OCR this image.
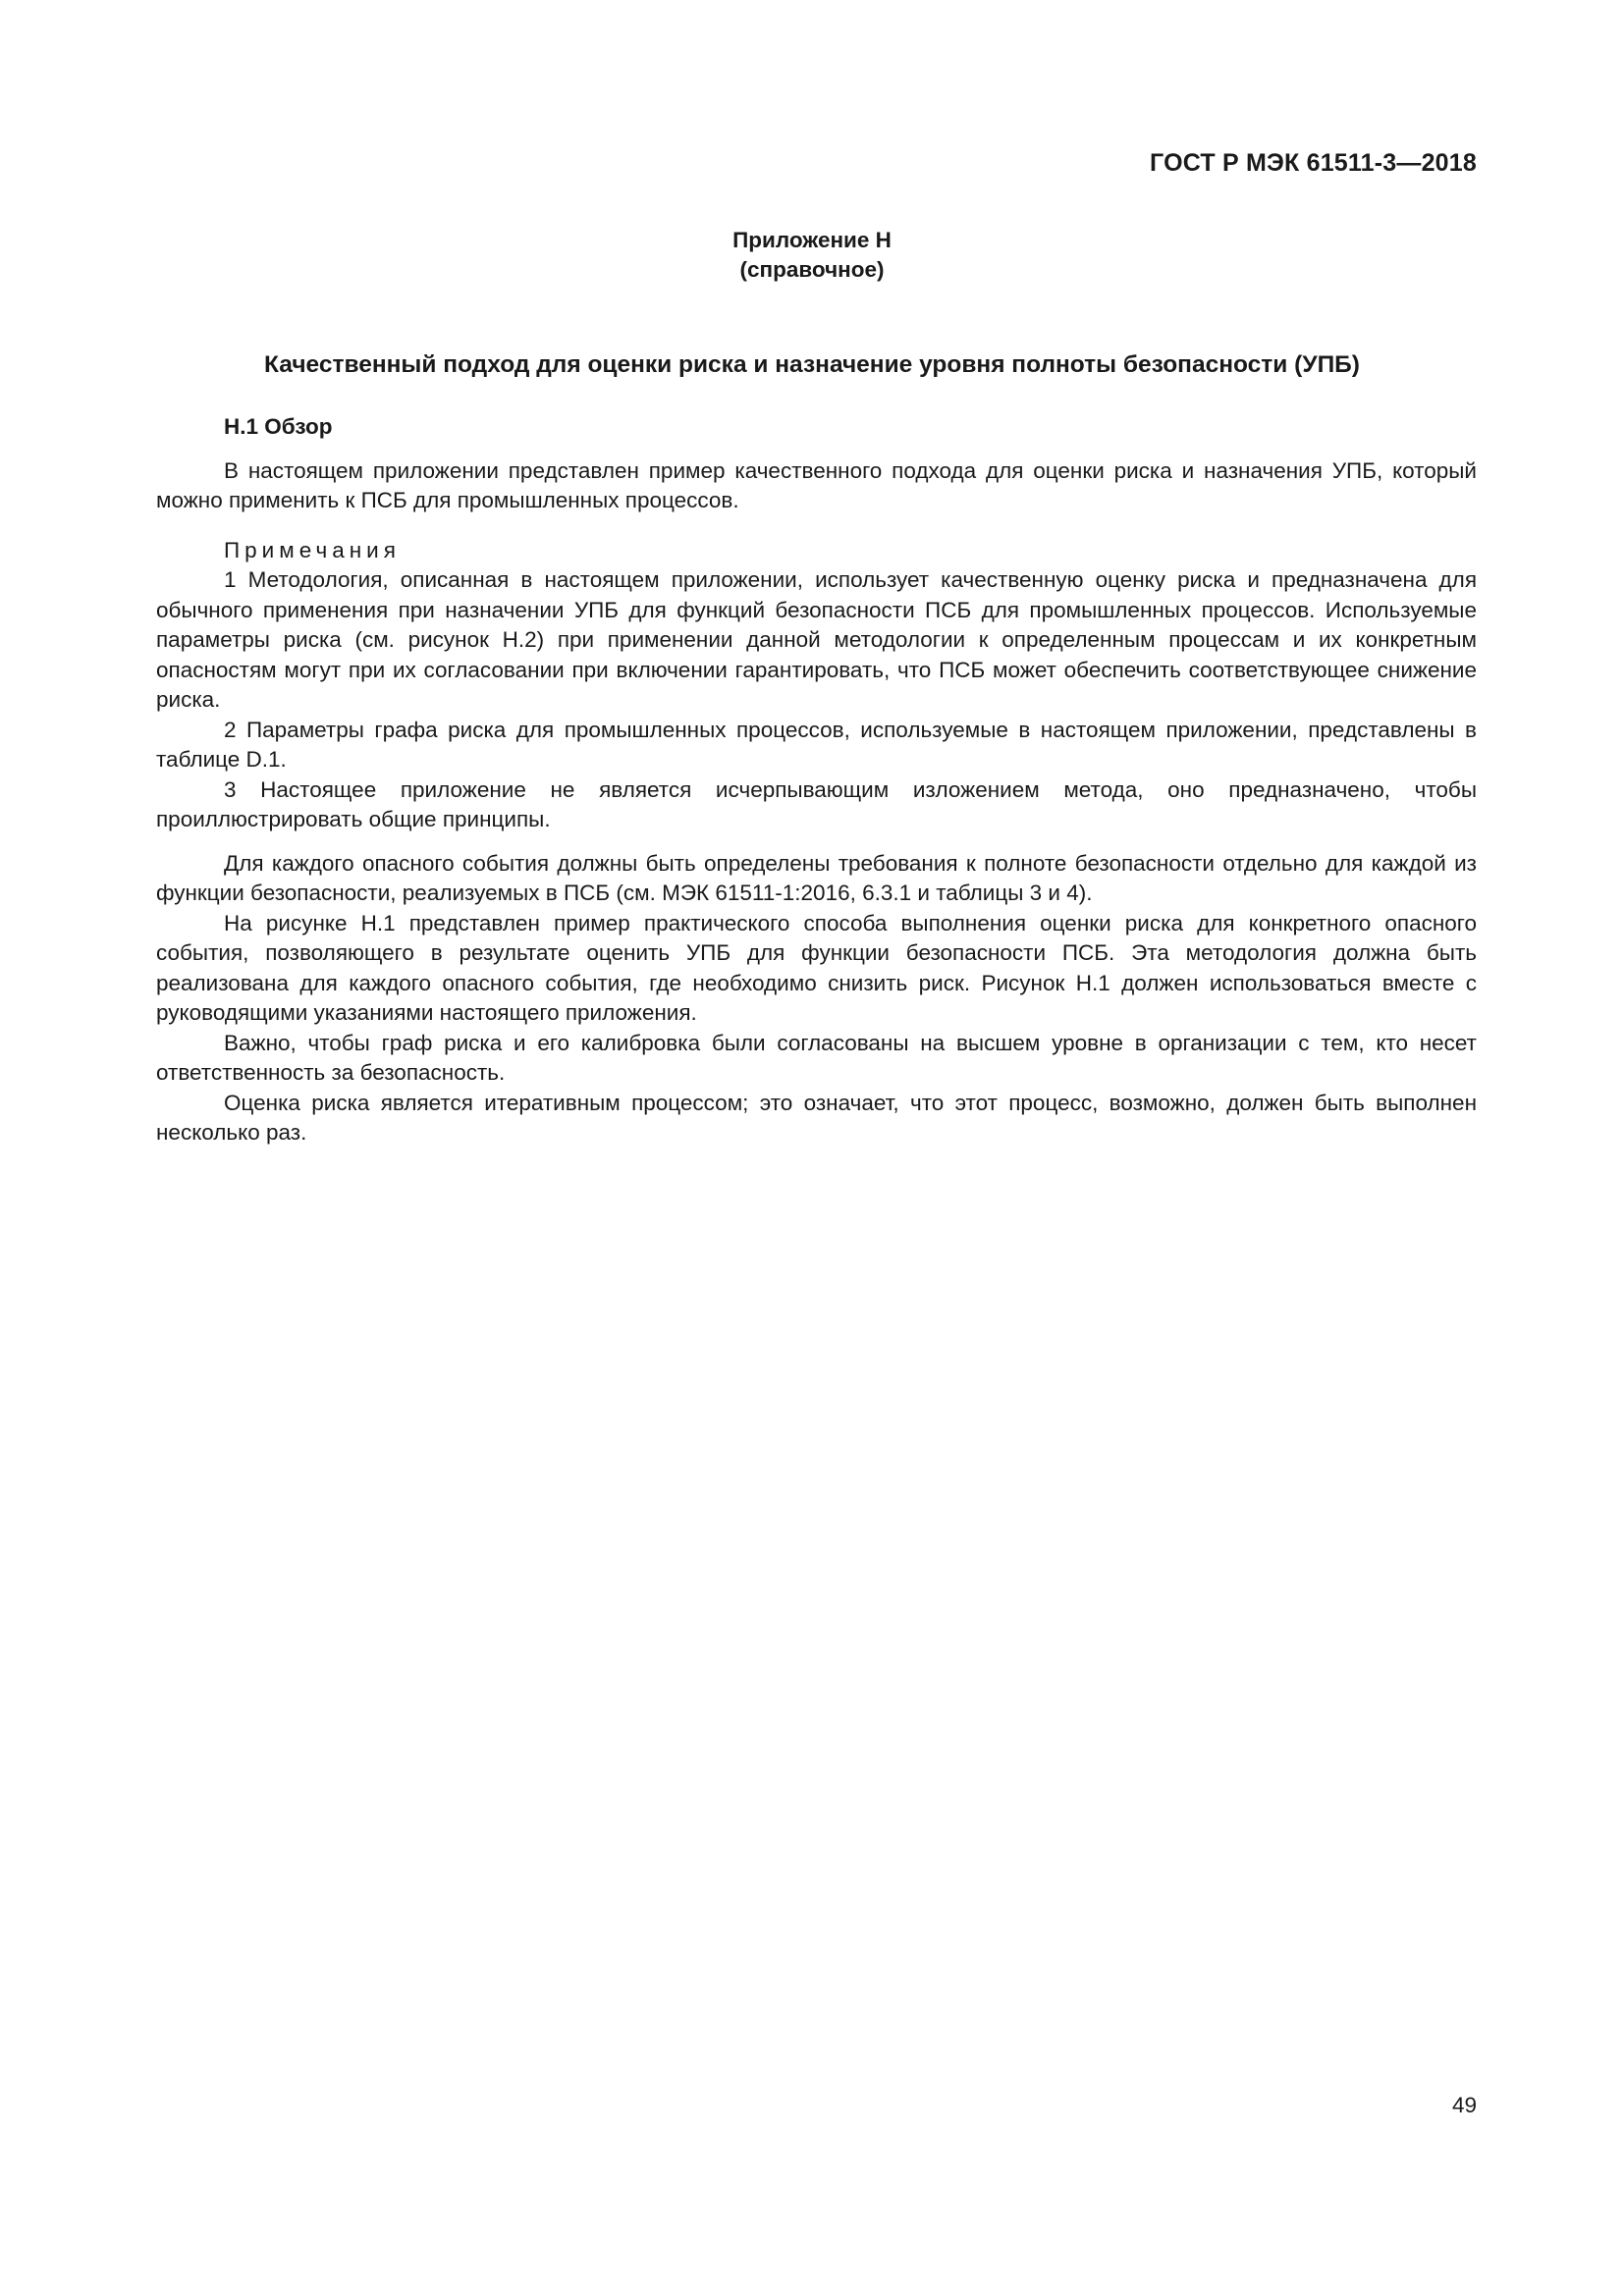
ГОСТ Р МЭК 61511-3—2018
Приложение Н
(справочное)
Качественный подход для оценки риска и назначение уровня полноты безопасности (УПБ)
Н.1 Обзор

В настоящем приложении представлен пример качественного подхода для оценки риска и назначения УПБ, который можно применить к ПСБ для промышленных процессов.

Примечания

1 Методология, описанная в настоящем приложении, использует качественную оценку риска и предназначена для обычного применения при назначении УПБ для функций безопасности ПСБ для промышленных процессов. Используемые параметры риска (см. рисунок Н.2) при применении данной методологии к определенным процессам и их конкретным опасностям могут при их согласовании при включении гарантировать, что ПСБ может обеспечить соответствующее снижение риска.

2 Параметры графа риска для промышленных процессов, используемые в настоящем приложении, представлены в таблице D.1.

3 Настоящее приложение не является исчерпывающим изложением метода, оно предназначено, чтобы проиллюстрировать общие принципы.

Для каждого опасного события должны быть определены требования к полноте безопасности отдельно для каждой из функции безопасности, реализуемых в ПСБ (см. МЭК 61511-1:2016, 6.3.1 и таблицы 3 и 4).

На рисунке Н.1 представлен пример практического способа выполнения оценки риска для конкретного опасного события, позволяющего в результате оценить УПБ для функции безопасности ПСБ. Эта методология должна быть реализована для каждого опасного события, где необходимо снизить риск. Рисунок Н.1 должен использоваться вместе с руководящими указаниями настоящего приложения.

Важно, чтобы граф риска и его калибровка были согласованы на высшем уровне в организации с тем, кто несет ответственность за безопасность.

Оценка риска является итеративным процессом; это означает, что этот процесс, возможно, должен быть выполнен несколько раз.

49
